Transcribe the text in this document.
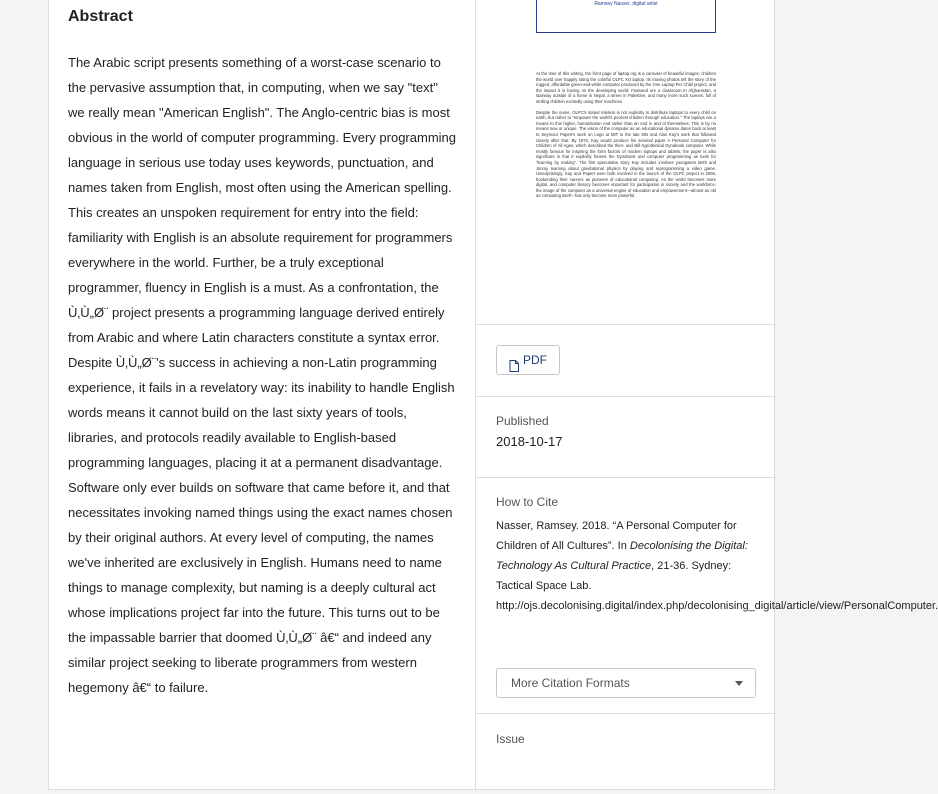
Abstract

The Arabic script presents something of a worst-case scenario to the pervasive assumption that, in computing, when we say "text" we really mean "American English". The Anglo-centric bias is most obvious in the world of computer programming. Every programming language in serious use today uses keywords, punctuation, and names taken from English, most often using the American spelling. This creates an unspoken requirement for entry into the field: familiarity with English is an absolute requirement for programmers everywhere in the world. Further, be a truly exceptional programmer, fluency in English is a must. As a confrontation, the Ù‚Ù„Ø¨ project presents a programming language derived entirely from Arabic and where Latin characters constitute a syntax error. Despite Ù‚Ù„Ø¨'s success in achieving a non-Latin programming experience, it fails in a revelatory way: its inability to handle English words means it cannot build on the last sixty years of tools, libraries, and protocols readily available to English-based programming languages, placing it at a permanent disadvantage. Software only ever builds on software that came before it, and that necessitates invoking named things using the exact names chosen by their original authors. At every level of computing, the names we've inherited are exclusively in English. Humans need to name things to manage complexity, but naming is a deeply cultural act whose implications project far into the future. This turns out to be the impassable barrier that doomed Ù‚Ù„Ø¨ â€“ and indeed any similar project seeking to liberate programmers from western hegemony â€“ to failure.

Ramsey Nasser, digital artist

At the time of this writing, the front page of laptop.org is a carousel of beautiful images: children the world over happily toting the colorful OLPC XO laptop. Its moving photos tell the story of the rugged, affordable green-and-white computer produced by the One Laptop Per Child project, and the impact it is having on the developing world. Featured are a classroom in Afghanistan, a stairway outside of a home in Nepal, a street in Palestine, and many more such scenes, full of smiling children excitedly using their machines.

Despite the name, OLPC's stated mission is not explicitly to distribute laptops to every child on earth, but rather to "empower the world's poorest children through education." The laptops are a means to this higher, humanitarian end rather than an end in and of themselves. This is by no means new or unique. The vision of the computer as an educational dynamo dates back at least to Seymour Papert's work on Logo at MIT in the late 60s and Alan Kay's work that followed closely after that. By 1972, Kay would produce his seminal paper A Personal Computer for Children of All Ages, which described the then- and still-hypothetical Dynabook computer. While mostly famous for inspiring the form factors of modern laptops and tablets, the paper is also significant in that it explicitly frames the Dynabook and computer programming as tools for "learning by making". The first speculative story Kay includes involves youngsters Beth and Jimmy learning about gravitational physics by playing and reprogramming a video game. Unsurprisingly, Kay and Papert were both involved in the launch of the OLPC project in 2005, bookending their careers as pioneers of educational computing. As the world becomes more digital, and computer literacy becomes important for participation in society and the workforce, the image of the computer as a universal engine of education and empowerment—almost as old as computing itself—has only become more powerful.

PDF
Published
2018-10-17
How to Cite
Nasser, Ramsey. 2018. “A Personal Computer for Children of All Cultures”. In Decolonising the Digital: Technology As Cultural Practice, 21-36. Sydney: Tactical Space Lab. http://ojs.decolonising.digital/index.php/decolonising_digital/article/view/PersonalComputer.
More Citation Formats
Issue
